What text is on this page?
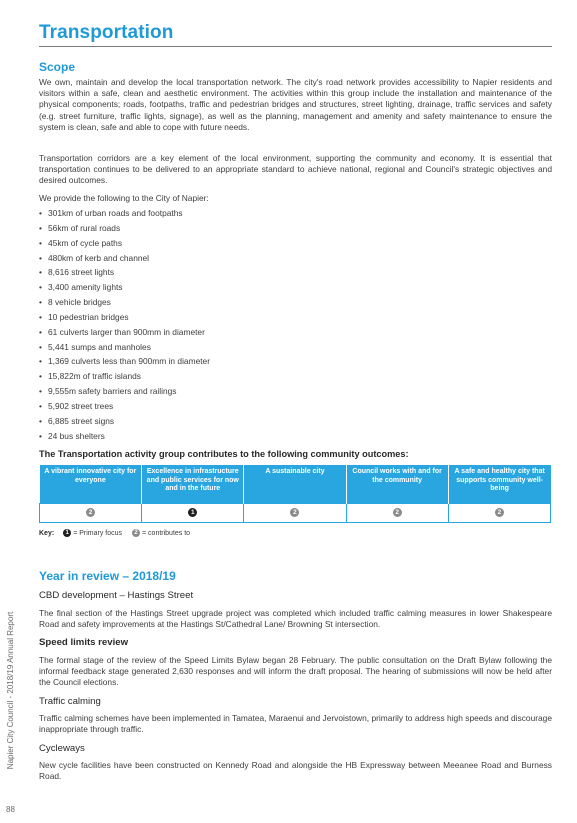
Transportation
Scope

We own, maintain and develop the local transportation network. The city's road network provides accessibility to Napier residents and visitors within a safe, clean and aesthetic environment. The activities within this group include the installation and maintenance of the physical components; roads, footpaths, traffic and pedestrian bridges and structures, street lighting, drainage, traffic services and safety (e.g. street furniture, traffic lights, signage), as well as the planning, management and amenity and safety maintenance to ensure the system is clean, safe and able to cope with future needs.

Transportation corridors are a key element of the local environment, supporting the community and economy. It is essential that transportation continues to be delivered to an appropriate standard to achieve national, regional and Council's strategic objectives and desired outcomes.

We provide the following to the City of Napier:

• 301km of urban roads and footpaths
• 56km of rural roads
• 45km of cycle paths
• 480km of kerb and channel
• 8,616 street lights
• 3,400 amenity lights
• 8 vehicle bridges
• 10 pedestrian bridges
• 61 culverts larger than 900mm in diameter
• 5,441 sumps and manholes
• 1,369 culverts less than 900mm in diameter
• 15,822m of traffic islands
• 9,555m safety barriers and railings
• 5,902 street trees
• 6,885 street signs
• 24 bus shelters
The Transportation activity group contributes to the following community outcomes:
A vibrant innovative city for everyone	Excellence in infrastructure and public services for now and in the future	A sustainable city	Council works with and for the community	A safe and healthy city that supports community well-being
2	1	2	2	2
Key:	1 = Primary focus	2 = contributes to
Year in review – 2018/19
CBD development – Hastings Street

The final section of the Hastings Street upgrade project was completed which included traffic calming measures in lower Shakespeare Road and safety improvements at the Hastings St/Cathedral Lane/ Browning St intersection.

Speed limits review

The formal stage of the review of the Speed Limits Bylaw began 28 February. The public consultation on the Draft Bylaw following the informal feedback stage generated 2,630 responses and will inform the draft proposal. The hearing of submissions will now be held after the Council elections.

Traffic calming

Traffic calming schemes have been implemented in Tamatea, Maraenui and Jervoistown, primarily to address high speeds and discourage inappropriate through traffic.

Cycleways

New cycle facilities have been constructed on Kennedy Road and alongside the HB Expressway between Meeanee Road and Burness Road.

Napier City Council - 2018/19 Annual Report
88
